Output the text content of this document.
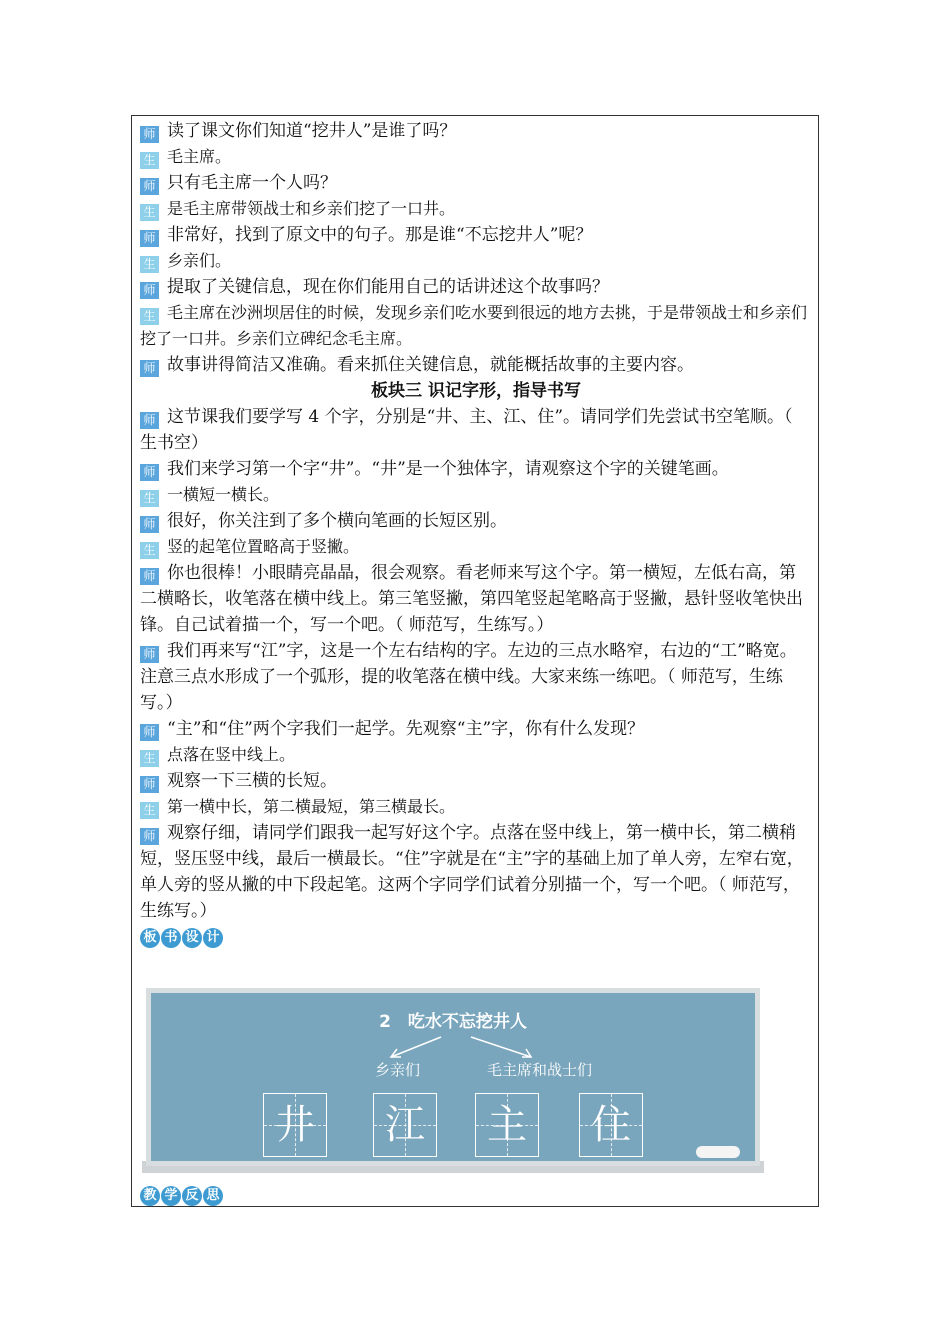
师 读了课文你们知道“挖井人”是谁了吗？
生 毛主席。
师 只有毛主席一个人吗？
生 是毛主席带领战士和乡亲们挖了一口井。
师 非常好，找到了原文中的句子。那是谁“不忘挖井人”呢？
生 乡亲们。
师 提取了关键信息，现在你们能用自己的话讲述这个故事吗？
生 毛主席在沙洲坝居住的时候，发现乡亲们吃水要到很远的地方去挑，于是带领战士和乡亲们挖了一口井。乡亲们立碑纪念毛主席。
师 故事讲得简洁又准确。看来抓住关键信息，就能概括故事的主要内容。
板块三 识记字形，指导书写
师 这节课我们要学写 4 个字，分别是“井、主、江、住”。请同学们先尝试书空笔顺。（ 生书空）
师 我们来学习第一个字“井”。“井”是一个独体字，请观察这个字的关键笔画。
生 一横短一横长。
师 很好，你关注到了多个横向笔画的长短区别。
生 竖的起笔位置略高于竖撇。
师 你也很棒！小眼睛亮晶晶，很会观察。看老师来写这个字。第一横短，左低右高，第二横略长，收笔落在横中线上。第三笔竖撇，第四笔竖起笔略高于竖撇，悬针竖收笔快出锋。自己试着描一个，写一个吧。（ 师范写，生练写。）
师 我们再来写“江”字，这是一个左右结构的字。左边的三点水略窄，右边的“工”略宽。注意三点水形成了一个弧形，提的收笔落在横中线。大家来练一练吧。（ 师范写，生练写。）
师 “主”和“住”两个字我们一起学。先观察“主”字，你有什么发现？
生 点落在竖中线上。
师 观察一下三横的长短。
生 第一横中长，第二横最短，第三横最长。
师 观察仔细，请同学们跟我一起写好这个字。点落在竖中线上，第一横中长，第二横稍短，竖压竖中线，最后一横最长。“住”字就是在“主”字的基础上加了单人旁，左窄右宽，单人旁的竖从撇的中下段起笔。这两个字同学们试着分别描一个，写一个吧。（ 师范写，生练写。）
板 书 设 计
2　吃水不忘挖井人
乡亲们	毛主席和战士们
井 江 主 住
教 学 反 思
